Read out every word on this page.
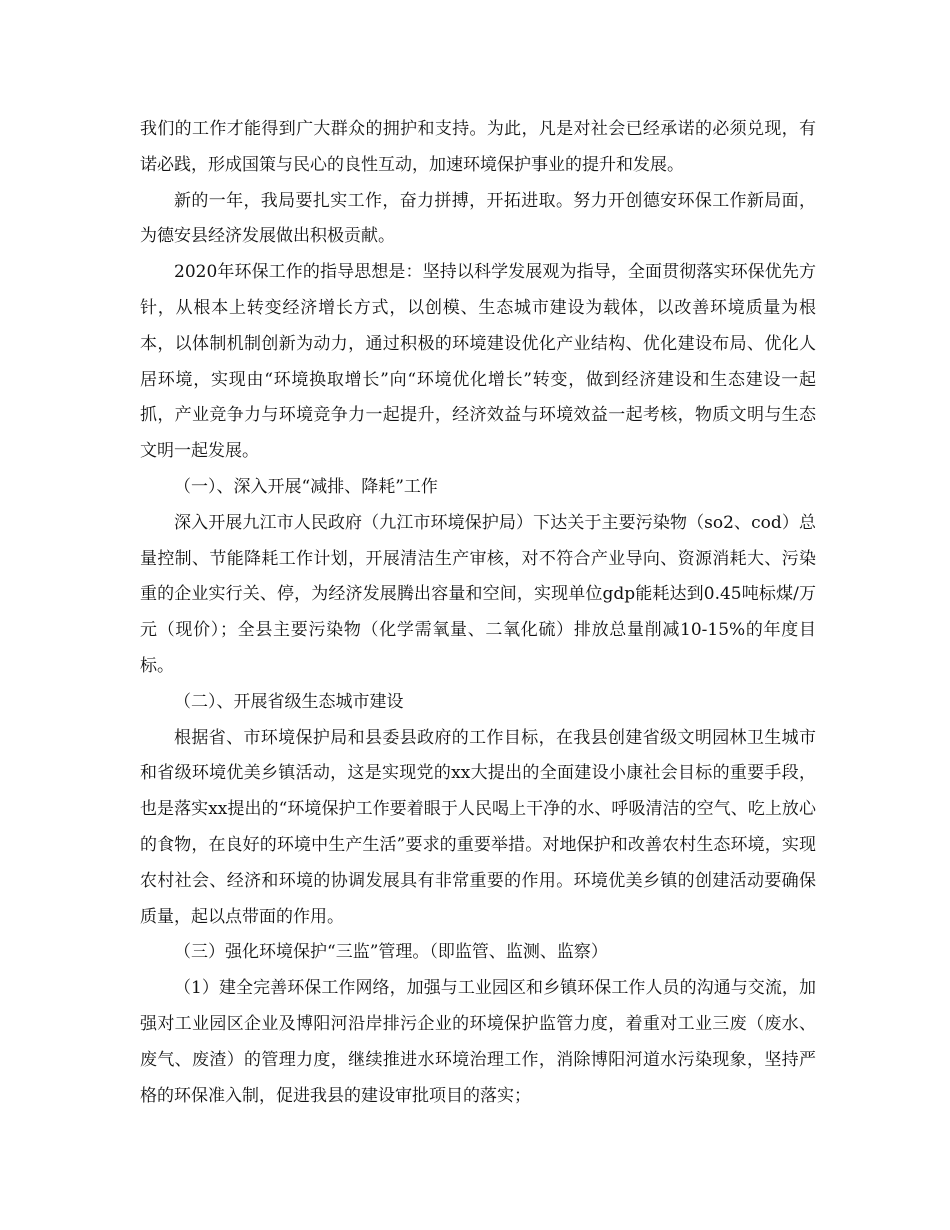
我们的工作才能得到广大群众的拥护和支持。为此，凡是对社会已经承诺的必须兑现，有诺必践，形成国策与民心的良性互动，加速环境保护事业的提升和发展。

新的一年，我局要扎实工作，奋力拼搏，开拓进取。努力开创德安环保工作新局面，为德安县经济发展做出积极贡献。

2020年环保工作的指导思想是：坚持以科学发展观为指导，全面贯彻落实环保优先方针，从根本上转变经济增长方式，以创模、生态城市建设为载体，以改善环境质量为根本，以体制机制创新为动力，通过积极的环境建设优化产业结构、优化建设布局、优化人居环境，实现由“环境换取增长”向“环境优化增长”转变，做到经济建设和生态建设一起抓，产业竞争力与环境竞争力一起提升，经济效益与环境效益一起考核，物质文明与生态文明一起发展。

（一）、深入开展“减排、降耗”工作

深入开展九江市人民政府（九江市环境保护局）下达关于主要污染物（so2、cod）总量控制、节能降耗工作计划，开展清洁生产审核，对不符合产业导向、资源消耗大、污染重的企业实行关、停，为经济发展腾出容量和空间，实现单位gdp能耗达到0.45吨标煤/万元（现价）；全县主要污染物（化学需氧量、二氧化硫）排放总量削减10-15%的年度目标。

（二）、开展省级生态城市建设

根据省、市环境保护局和县委县政府的工作目标，在我县创建省级文明园林卫生城市和省级环境优美乡镇活动，这是实现党的xx大提出的全面建设小康社会目标的重要手段，也是落实xx提出的“环境保护工作要着眼于人民喝上干净的水、呼吸清洁的空气、吃上放心的食物，在良好的环境中生产生活”要求的重要举措。对地保护和改善农村生态环境，实现农村社会、经济和环境的协调发展具有非常重要的作用。环境优美乡镇的创建活动要确保质量，起以点带面的作用。

（三）强化环境保护“三监”管理。（即监管、监测、监察）

（1）建全完善环保工作网络，加强与工业园区和乡镇环保工作人员的沟通与交流，加强对工业园区企业及博阳河沿岸排污企业的环境保护监管力度，着重对工业三废（废水、废气、废渣）的管理力度，继续推进水环境治理工作，消除博阳河道水污染现象，坚持严格的环保准入制，促进我县的建设审批项目的落实；
